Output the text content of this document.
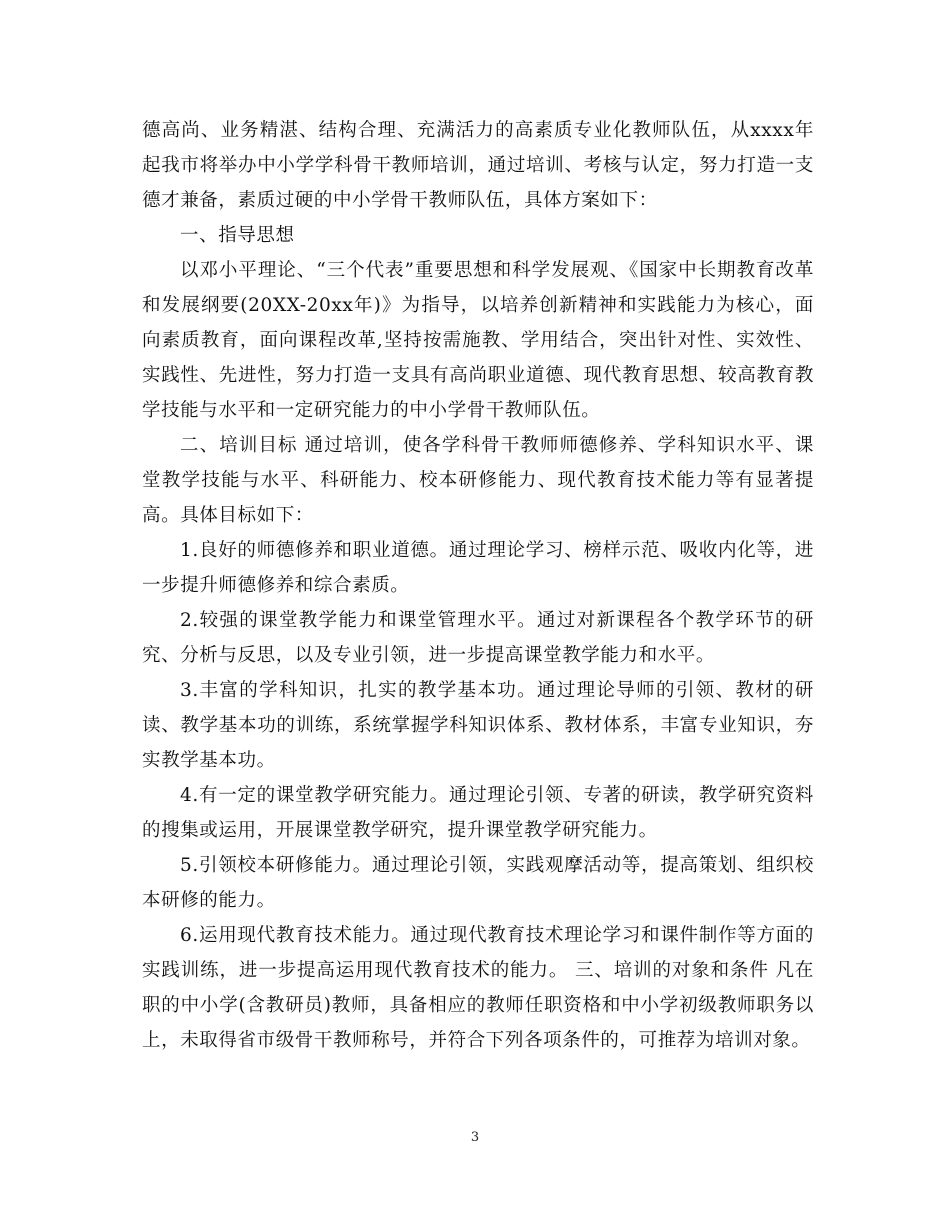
德高尚、业务精湛、结构合理、充满活力的高素质专业化教师队伍，从xxxx年起我市将举办中小学学科骨干教师培训，通过培训、考核与认定，努力打造一支德才兼备，素质过硬的中小学骨干教师队伍，具体方案如下：

一、指导思想

以邓小平理论、“三个代表”重要思想和科学发展观、《国家中长期教育改革和发展纲要(20XX-20xx年)》为指导，以培养创新精神和实践能力为核心，面向素质教育，面向课程改革,坚持按需施教、学用结合，突出针对性、实效性、实践性、先进性，努力打造一支具有高尚职业道德、现代教育思想、较高教育教学技能与水平和一定研究能力的中小学骨干教师队伍。

二、培训目标 通过培训，使各学科骨干教师师德修养、学科知识水平、课堂教学技能与水平、科研能力、校本研修能力、现代教育技术能力等有显著提高。具体目标如下：

1.良好的师德修养和职业道德。通过理论学习、榜样示范、吸收内化等，进一步提升师德修养和综合素质。

2.较强的课堂教学能力和课堂管理水平。通过对新课程各个教学环节的研究、分析与反思，以及专业引领，进一步提高课堂教学能力和水平。

3.丰富的学科知识，扎实的教学基本功。通过理论导师的引领、教材的研读、教学基本功的训练，系统掌握学科知识体系、教材体系，丰富专业知识，夯实教学基本功。

4.有一定的课堂教学研究能力。通过理论引领、专著的研读，教学研究资料的搜集或运用，开展课堂教学研究，提升课堂教学研究能力。

5.引领校本研修能力。通过理论引领，实践观摩活动等，提高策划、组织校本研修的能力。

6.运用现代教育技术能力。通过现代教育技术理论学习和课件制作等方面的实践训练，进一步提高运用现代教育技术的能力。 三、培训的对象和条件 凡在职的中小学(含教研员)教师，具备相应的教师任职资格和中小学初级教师职务以上，未取得省市级骨干教师称号，并符合下列各项条件的，可推荐为培训对象。

3
